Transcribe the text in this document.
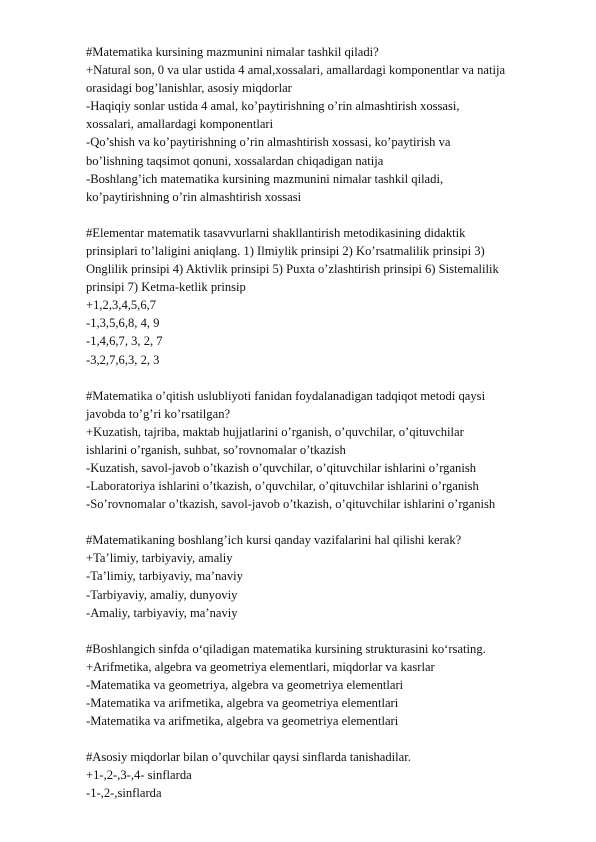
#Matematika kursining mazmunini nimalar tashkil qiladi?
+Natural son, 0 va ular ustida 4 amal,xossalari, amallardagi komponentlar va natija
orasidagi bog’lanishlar, asosiy miqdorlar
-Haqiqiy sonlar ustida 4 amal, ko’paytirishning o’rin almashtirish xossasi,
xossalari, amallardagi komponentlari
-Qo’shish va ko’paytirishning o’rin almashtirish xossasi, ko’paytirish va
bo’lishning taqsimot qonuni, xossalardan chiqadigan natija
-Boshlang’ich matematika kursining mazmunini nimalar tashkil qiladi,
ko’paytirishning o’rin almashtirish xossasi
#Elementar matematik tasavvurlarni shakllantirish metodikasining didaktik
prinsiplari to’laligini aniqlang. 1) Ilmiylik prinsipi 2) Ko’rsatmalilik prinsipi 3)
Onglilik prinsipi 4) Aktivlik prinsipi 5) Puxta o’zlashtirish prinsipi 6) Sistemalilik
prinsipi 7) Ketma-ketlik prinsip
+1,2,3,4,5,6,7
-1,3,5,6,8, 4, 9
-1,4,6,7, 3, 2, 7
-3,2,7,6,3, 2, 3
#Matematika o’qitish uslubliyoti fanidan foydalanadigan tadqiqot metodi qaysi
javobda to’g’ri ko’rsatilgan?
+Kuzatish, tajriba, maktab hujjatlarini o’rganish, o’quvchilar, o’qituvchilar
ishlarini o’rganish, suhbat, so’rovnomalar o’tkazish
-Kuzatish, savol-javob o’tkazish o’quvchilar, o’qituvchilar ishlarini o’rganish
-Laboratoriya ishlarini o’tkazish, o’quvchilar, o’qituvchilar ishlarini o’rganish
-So’rovnomalar o’tkazish, savol-javob o’tkazish, o’qituvchilar ishlarini o’rganish
#Matematikaning boshlang’ich kursi qanday vazifalarini hal qilishi kerak?
+Ta’limiy, tarbiyaviy, amaliy
-Ta’limiy, tarbiyaviy, ma’naviy
-Tarbiyaviy, amaliy, dunyoviy
-Amaliy, tarbiyaviy, ma’naviy
#Boshlangich sinfda o‘qiladigan matematika kursining strukturasini ko‘rsating.
+Arifmetika, algebra va geometriya elementlari, miqdorlar va kasrlar
-Matematika va geometriya, algebra va geometriya elementlari
-Matematika va arifmetika, algebra va geometriya elementlari
-Matematika va arifmetika, algebra va geometriya elementlari
#Asosiy miqdorlar bilan o’quvchilar qaysi sinflarda tanishadilar.
+1-,2-,3-,4- sinflarda
-1-,2-,sinflarda
